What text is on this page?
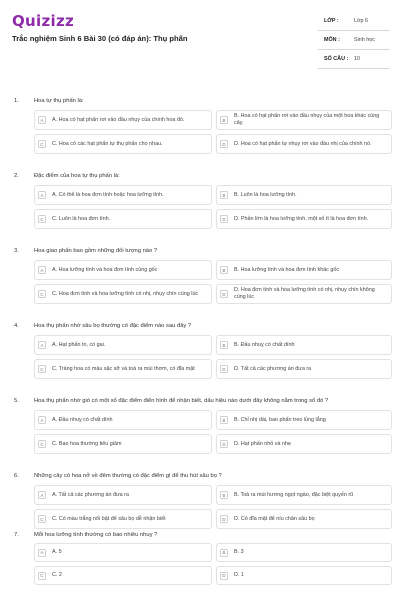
Quizizz
Trắc nghiệm Sinh 6 Bài 30 (có đáp án): Thụ phấn
LỚP :	Lớp 6
MÔN :	Sinh học
SỐ CÂU :	10
1.	Hoa tự thụ phấn là:
A	A. Hoa có hạt phấn rơi vào đầu nhụy của chính hoa đó.	B
B. Hoa có hạt phấn rơi vào đầu nhụy của một hoa khác cùng cây.
C	C. Hoa có các hạt phấn tự thụ phấn cho nhau.	D	D. Hoa có hạt phấn tự nhụy rơi vào đầu nhị của chính nó.
2.	Đặc điểm của hoa tự thụ phấn là:
A	A. Có thể là hoa đơn tính hoặc hoa lưỡng tính.	B	B. Luôn là hoa lưỡng tính.
C	C. Luôn là hoa đơn tính.	D	D. Phần lớn là hoa lưỡng tính, một số ít là hoa đơn tính.
3.	Hoa giao phấn bao gồm những đối tượng nào ?
A	A. Hoa lưỡng tính và hoa đơn tính cùng gốc	B	B. Hoa lưỡng tính và hoa đơn tính khác gốc
C	C. Hoa đơn tính và hoa lưỡng tính có nhị, nhụy chín cùng lúc	D
D. Hoa đơn tính và hoa lưỡng tính có nhị, nhụy chín không cùng lúc
4.	Hoa thụ phấn nhờ sâu bọ thường có đặc điểm nào sau đây ?
A	A. Hạt phấn to, có gai.	B	B. Đầu nhuỵ có chất dính
C	C. Tràng hoa có màu sặc sỡ và toả ra mùi thơm, có đĩa mật	D	D. Tất cả các phương án đưa ra
5.	Hoa thụ phấn nhờ gió có một số đặc điểm điển hình để nhận biết, dấu hiệu nào dưới đây không nằm trong số đó ?
A	A. Đầu nhuỵ có chất dính	B	B. Chỉ nhị dài, bao phấn treo lủng lẳng
C	C. Bao hoa thường tiêu giảm	D	D. Hạt phấn nhỏ và nhẹ
6.	Những cây có hoa nở về đêm thường có đặc điểm gì để thu hút sâu bọ ?
A	A. Tất cả các phương án đưa ra	B	B. Toả ra mùi hương ngọt ngào, đặc biệt quyến rũ
C	C. Có màu trắng nổi bật để sâu bọ dễ nhận biết	D	D. Có đĩa mật để níu chân sâu bọ
7.	Mỗi hoa lưỡng tính thường có bao nhiêu nhuỵ ?
A	A. 5	B	B. 3
C	C. 2	D	D. 1
